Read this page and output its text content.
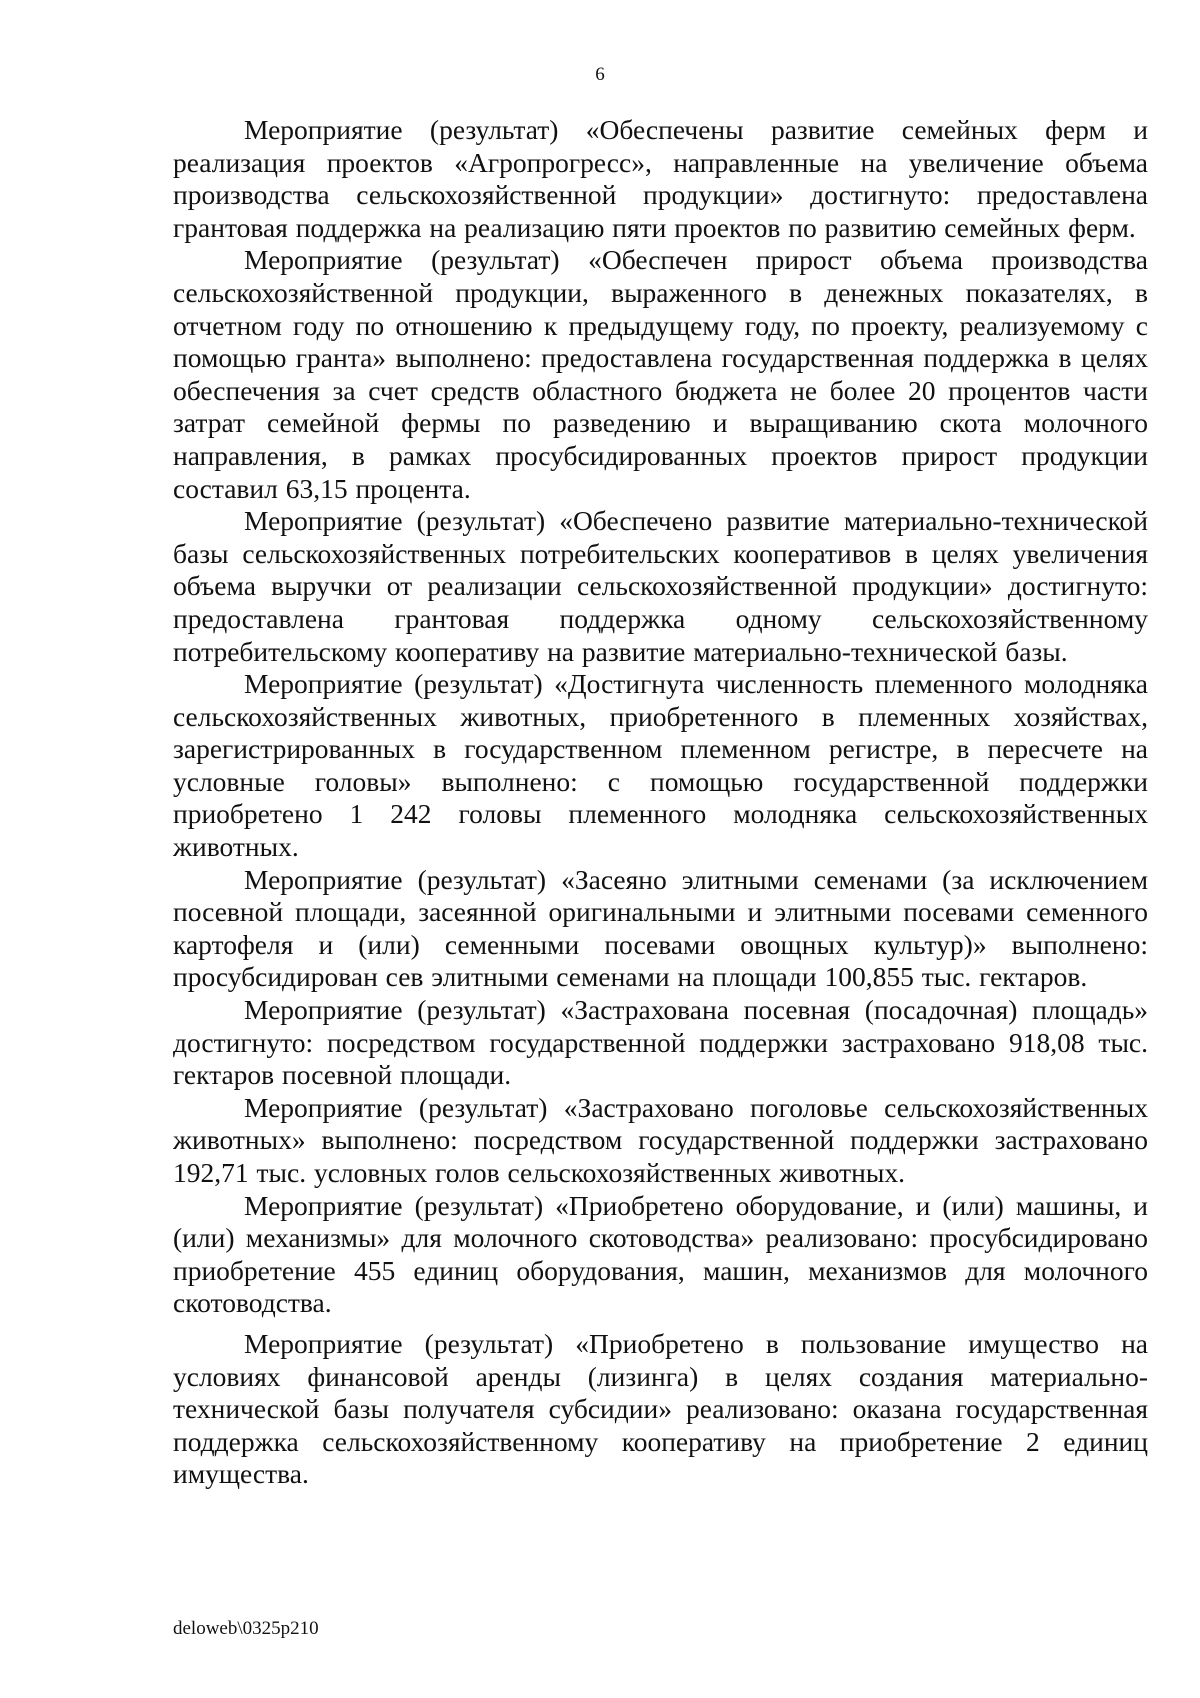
6

Мероприятие (результат) «Обеспечены развитие семейных ферм и реализация проектов «Агропрогресс», направленные на увеличение объема производства сельскохозяйственной продукции» достигнуто: предоставлена грантовая поддержка на реализацию пяти проектов по развитию семейных ферм.

Мероприятие (результат) «Обеспечен прирост объема производства сельскохозяйственной продукции, выраженного в денежных показателях, в отчетном году по отношению к предыдущему году, по проекту, реализуемому с помощью гранта» выполнено: предоставлена государственная поддержка в целях обеспечения за счет средств областного бюджета не более 20 процентов части затрат семейной фермы по разведению и выращиванию скота молочного направления, в рамках просубсидированных проектов прирост продукции составил 63,15 процента.

Мероприятие (результат) «Обеспечено развитие материально-технической базы сельскохозяйственных потребительских кооперативов в целях увеличения объема выручки от реализации сельскохозяйственной продукции» достигнуто: предоставлена грантовая поддержка одному сельскохозяйственному потребительскому кооперативу на развитие материально-технической базы.

Мероприятие (результат) «Достигнута численность племенного молодняка сельскохозяйственных животных, приобретенного в племенных хозяйствах, зарегистрированных в государственном племенном регистре, в пересчете на условные головы» выполнено: с помощью государственной поддержки приобретено 1 242 головы племенного молодняка сельскохозяйственных животных.

Мероприятие (результат) «Засеяно элитными семенами (за исключением посевной площади, засеянной оригинальными и элитными посевами семенного картофеля и (или) семенными посевами овощных культур)» выполнено: просубсидирован сев элитными семенами на площади 100,855 тыс. гектаров.

Мероприятие (результат) «Застрахована посевная (посадочная) площадь» достигнуто: посредством государственной поддержки застраховано 918,08 тыс. гектаров посевной площади.

Мероприятие (результат) «Застраховано поголовье сельскохозяйственных животных» выполнено: посредством государственной поддержки застраховано 192,71 тыс. условных голов сельскохозяйственных животных.

Мероприятие (результат) «Приобретено оборудование, и (или) машины, и (или) механизмы» для молочного скотоводства» реализовано: просубсидировано приобретение 455 единиц оборудования, машин, механизмов для молочного скотоводства.

Мероприятие (результат) «Приобретено в пользование имущество на условиях финансовой аренды (лизинга) в целях создания материально-технической базы получателя субсидии» реализовано: оказана государственная поддержка сельскохозяйственному кооперативу на приобретение 2 единиц имущества.

deloweb\0325p210
